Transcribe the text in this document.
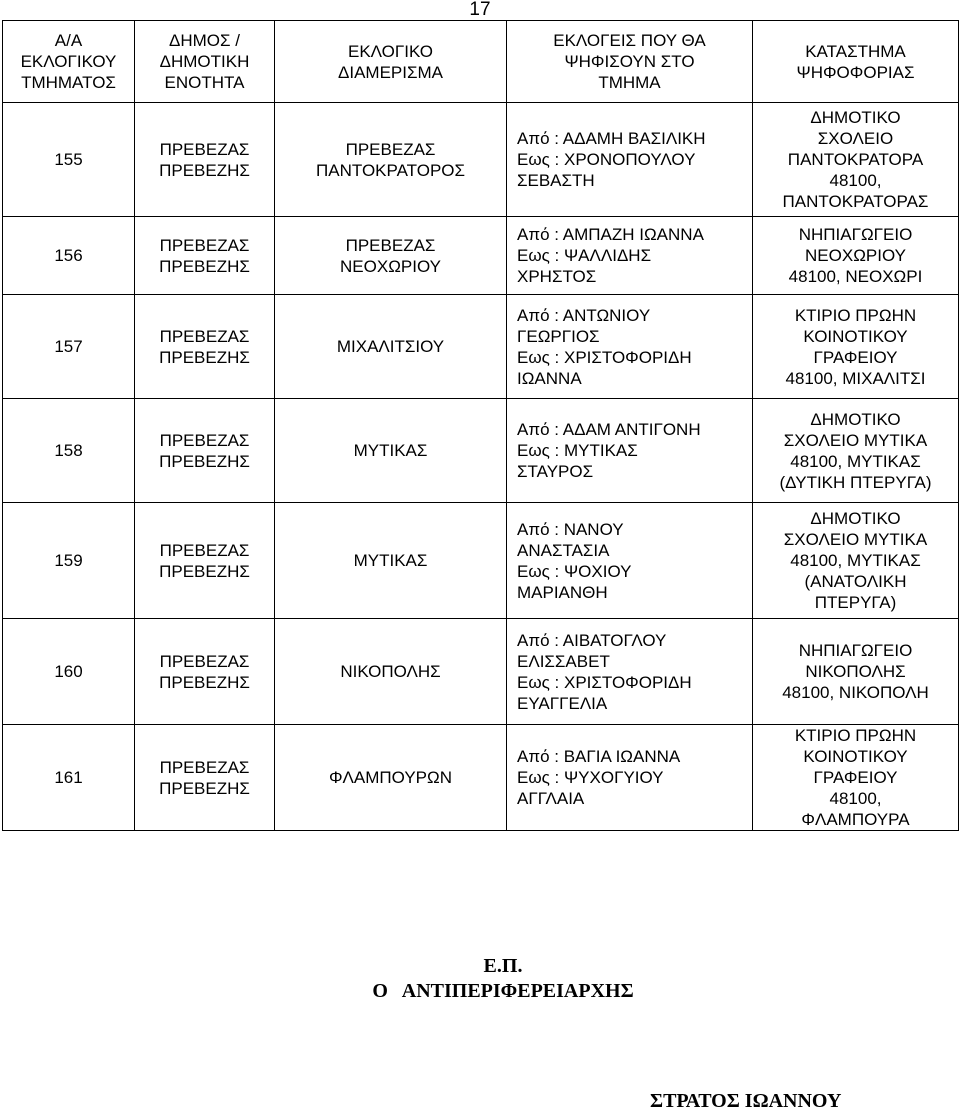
17
Α/Α
ΕΚΛΟΓΙΚΟΥ
ΤΜΗΜΑΤΟΣ	ΔΗΜΟΣ /
ΔΗΜΟΤΙΚΗ
ΕΝΟΤΗΤΑ	ΕΚΛΟΓΙΚΟ
ΔΙΑΜΕΡΙΣΜΑ	ΕΚΛΟΓΕΙΣ ΠΟΥ ΘΑ
ΨΗΦΙΣΟΥΝ ΣΤΟ
ΤΜΗΜΑ	ΚΑΤΑΣΤΗΜΑ
ΨΗΦΟΦΟΡΙΑΣ

155	ΠΡΕΒΕΖΑΣ
ΠΡΕΒΕΖΗΣ	ΠΡΕΒΕΖΑΣ
ΠΑΝΤΟΚΡΑΤΟΡΟΣ	Από : ΑΔΑΜΗ ΒΑΣΙΛΙΚΗ
Εως : ΧΡΟΝΟΠΟΥΛΟΥ
ΣΕΒΑΣΤΗ	ΔΗΜΟΤΙΚΟ
ΣΧΟΛΕΙΟ
ΠΑΝΤΟΚΡΑΤΟΡΑ
48100,
ΠΑΝΤΟΚΡΑΤΟΡΑΣ

156	ΠΡΕΒΕΖΑΣ
ΠΡΕΒΕΖΗΣ	ΠΡΕΒΕΖΑΣ
ΝΕΟΧΩΡΙΟΥ	Από : ΑΜΠΑΖΗ ΙΩΑΝΝΑ
Εως : ΨΑΛΛΙΔΗΣ
ΧΡΗΣΤΟΣ	ΝΗΠΙΑΓΩΓΕΙΟ
ΝΕΟΧΩΡΙΟΥ
48100, ΝΕΟΧΩΡΙ

157	ΠΡΕΒΕΖΑΣ
ΠΡΕΒΕΖΗΣ	ΜΙΧΑΛΙΤΣΙΟΥ	Από : ΑΝΤΩΝΙΟΥ
ΓΕΩΡΓΙΟΣ
Εως : ΧΡΙΣΤΟΦΟΡΙΔΗ
ΙΩΑΝΝΑ	ΚΤΙΡΙΟ ΠΡΩΗΝ
ΚΟΙΝΟΤΙΚΟΥ
ΓΡΑΦΕΙΟΥ
48100, ΜΙΧΑΛΙΤΣΙ

158	ΠΡΕΒΕΖΑΣ
ΠΡΕΒΕΖΗΣ	ΜΥΤΙΚΑΣ	Από : ΑΔΑΜ ΑΝΤΙΓΟΝΗ
Εως : ΜΥΤΙΚΑΣ
ΣΤΑΥΡΟΣ	ΔΗΜΟΤΙΚΟ
ΣΧΟΛΕΙΟ ΜΥΤΙΚΑ
48100, ΜΥΤΙΚΑΣ
(ΔΥΤΙΚΗ ΠΤΕΡΥΓΑ)

159	ΠΡΕΒΕΖΑΣ
ΠΡΕΒΕΖΗΣ	ΜΥΤΙΚΑΣ	Από : ΝΑΝΟΥ
ΑΝΑΣΤΑΣΙΑ
Εως : ΨΟΧΙΟΥ
ΜΑΡΙΑΝΘΗ	ΔΗΜΟΤΙΚΟ
ΣΧΟΛΕΙΟ ΜΥΤΙΚΑ
48100, ΜΥΤΙΚΑΣ
(ΑΝΑΤΟΛΙΚΗ
ΠΤΕΡΥΓΑ)

160	ΠΡΕΒΕΖΑΣ
ΠΡΕΒΕΖΗΣ	ΝΙΚΟΠΟΛΗΣ	Από : ΑΙΒΑΤΟΓΛΟΥ
ΕΛΙΣΣΑΒΕΤ
Εως : ΧΡΙΣΤΟΦΟΡΙΔΗ
ΕΥΑΓΓΕΛΙΑ	ΝΗΠΙΑΓΩΓΕΙΟ
ΝΙΚΟΠΟΛΗΣ
48100, ΝΙΚΟΠΟΛΗ

161	ΠΡΕΒΕΖΑΣ
ΠΡΕΒΕΖΗΣ	ΦΛΑΜΠΟΥΡΩΝ	Από : ΒΑΓΙΑ ΙΩΑΝΝΑ
Εως : ΨΥΧΟΓΥΙΟΥ
ΑΓΓΛΑΙΑ	ΚΤΙΡΙΟ ΠΡΩΗΝ
ΚΟΙΝΟΤΙΚΟΥ
ΓΡΑΦΕΙΟΥ
48100,
ΦΛΑΜΠΟΥΡΑ
Ε.Π.
Ο   ΑΝΤΙΠΕΡΙΦΕΡΕΙΑΡΧΗΣ
ΣΤΡΑΤΟΣ ΙΩΑΝΝΟΥ
